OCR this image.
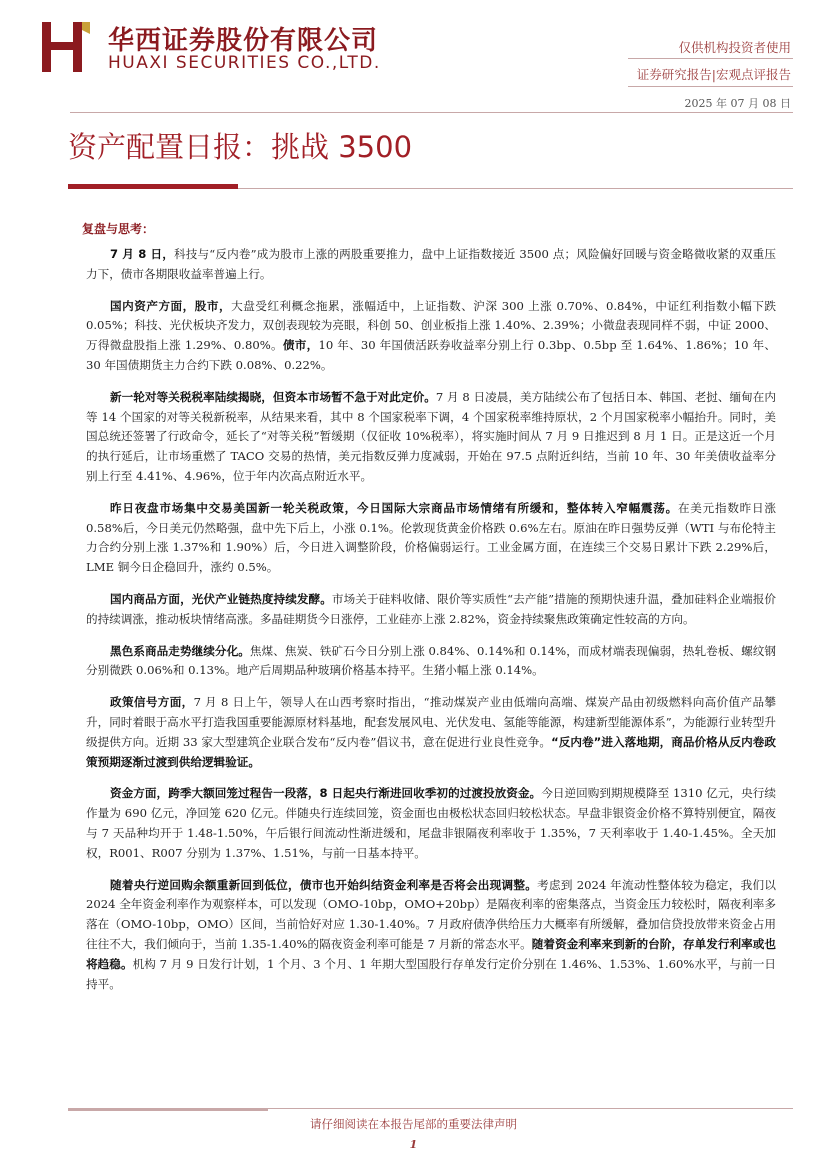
华西证券股份有限公司
HUAXI SECURITIES CO.,LTD.
仅供机构投资者使用
证券研究报告|宏观点评报告
2025 年 07 月 08 日
资产配置日报：挑战 3500
复盘与思考：

7 月 8 日，科技与“反内卷”成为股市上涨的两股重要推力，盘中上证指数接近 3500 点；风险偏好回暖与资金略微收紧的双重压力下，债市各期限收益率普遍上行。

国内资产方面，股市，大盘受红利概念拖累，涨幅适中，上证指数、沪深 300 上涨 0.70%、0.84%，中证红利指数小幅下跌 0.05%；科技、光伏板块齐发力，双创表现较为亮眼，科创 50、创业板指上涨 1.40%、2.39%；小微盘表现同样不弱，中证 2000、万得微盘股指上涨 1.29%、0.80%。债市，10 年、30 年国债活跃券收益率分别上行 0.3bp、0.5bp 至 1.64%、1.86%；10 年、30 年国债期货主力合约下跌 0.08%、0.22%。

新一轮对等关税税率陆续揭晓，但资本市场暂不急于对此定价。7 月 8 日凌晨，美方陆续公布了包括日本、韩国、老挝、缅甸在内等 14 个国家的对等关税新税率，从结果来看，其中 8 个国家税率下调，4 个国家税率维持原状，2 个月国家税率小幅抬升。同时，美国总统还签署了行政命令，延长了“对等关税”暂缓期（仅征收 10%税率），将实施时间从 7 月 9 日推迟到 8 月 1 日。正是这近一个月的执行延后，让市场重燃了 TACO 交易的热情，美元指数反弹力度减弱，开始在 97.5 点附近纠结，当前 10 年、30 年美债收益率分别上行至 4.41%、4.96%，位于年内次高点附近水平。

昨日夜盘市场集中交易美国新一轮关税政策，今日国际大宗商品市场情绪有所缓和，整体转入窄幅震荡。在美元指数昨日涨 0.58%后，今日美元仍然略强，盘中先下后上，小涨 0.1%。伦敦现货黄金价格跌 0.6%左右。原油在昨日强势反弹（WTI 与布伦特主力合约分别上涨 1.37%和 1.90%）后，今日进入调整阶段，价格偏弱运行。工业金属方面，在连续三个交易日累计下跌 2.29%后，LME 铜今日企稳回升，涨约 0.5%。

国内商品方面，光伏产业链热度持续发酵。市场关于硅料收储、限价等实质性“去产能”措施的预期快速升温，叠加硅料企业端报价的持续调涨，推动板块情绪高涨。多晶硅期货今日涨停，工业硅亦上涨 2.82%，资金持续聚焦政策确定性较高的方向。

黑色系商品走势继续分化。焦煤、焦炭、铁矿石今日分别上涨 0.84%、0.14%和 0.14%，而成材端表现偏弱，热轧卷板、螺纹钢分别微跌 0.06%和 0.13%。地产后周期品种玻璃价格基本持平。生猪小幅上涨 0.14%。

政策信号方面，7 月 8 日上午，领导人在山西考察时指出，“推动煤炭产业由低端向高端、煤炭产品由初级燃料向高价值产品攀升，同时着眼于高水平打造我国重要能源原材料基地，配套发展风电、光伏发电、氢能等能源，构建新型能源体系”，为能源行业转型升级提供方向。近期 33 家大型建筑企业联合发布“反内卷”倡议书，意在促进行业良性竞争。“反内卷”进入落地期，商品价格从反内卷政策预期逐渐过渡到供给逻辑验证。

资金方面，跨季大额回笼过程告一段落，8 日起央行渐进回收季初的过渡投放资金。今日逆回购到期规模降至 1310 亿元，央行续作量为 690 亿元，净回笼 620 亿元。伴随央行连续回笼，资金面也由极松状态回归较松状态。早盘非银资金价格不算特别便宜，隔夜与 7 天品种均开于 1.48-1.50%，午后银行间流动性渐进缓和，尾盘非银隔夜利率收于 1.35%，7 天利率收于 1.40-1.45%。全天加权，R001、R007 分别为 1.37%、1.51%，与前一日基本持平。

随着央行逆回购余额重新回到低位，债市也开始纠结资金利率是否将会出现调整。考虑到 2024 年流动性整体较为稳定，我们以 2024 全年资金利率作为观察样本，可以发现（OMO-10bp，OMO+20bp）是隔夜利率的密集落点，当资金压力较松时，隔夜利率多落在（OMO-10bp，OMO）区间，当前恰好对应 1.30-1.40%。7 月政府债净供给压力大概率有所缓解，叠加信贷投放带来资金占用往往不大，我们倾向于，当前 1.35-1.40%的隔夜资金利率可能是 7 月新的常态水平。随着资金利率来到新的台阶，存单发行利率或也将趋稳。机构 7 月 9 日发行计划，1 个月、3 个月、1 年期大型国股行存单发行定价分别在 1.46%、1.53%、1.60%水平，与前一日持平。

请仔细阅读在本报告尾部的重要法律声明
1
